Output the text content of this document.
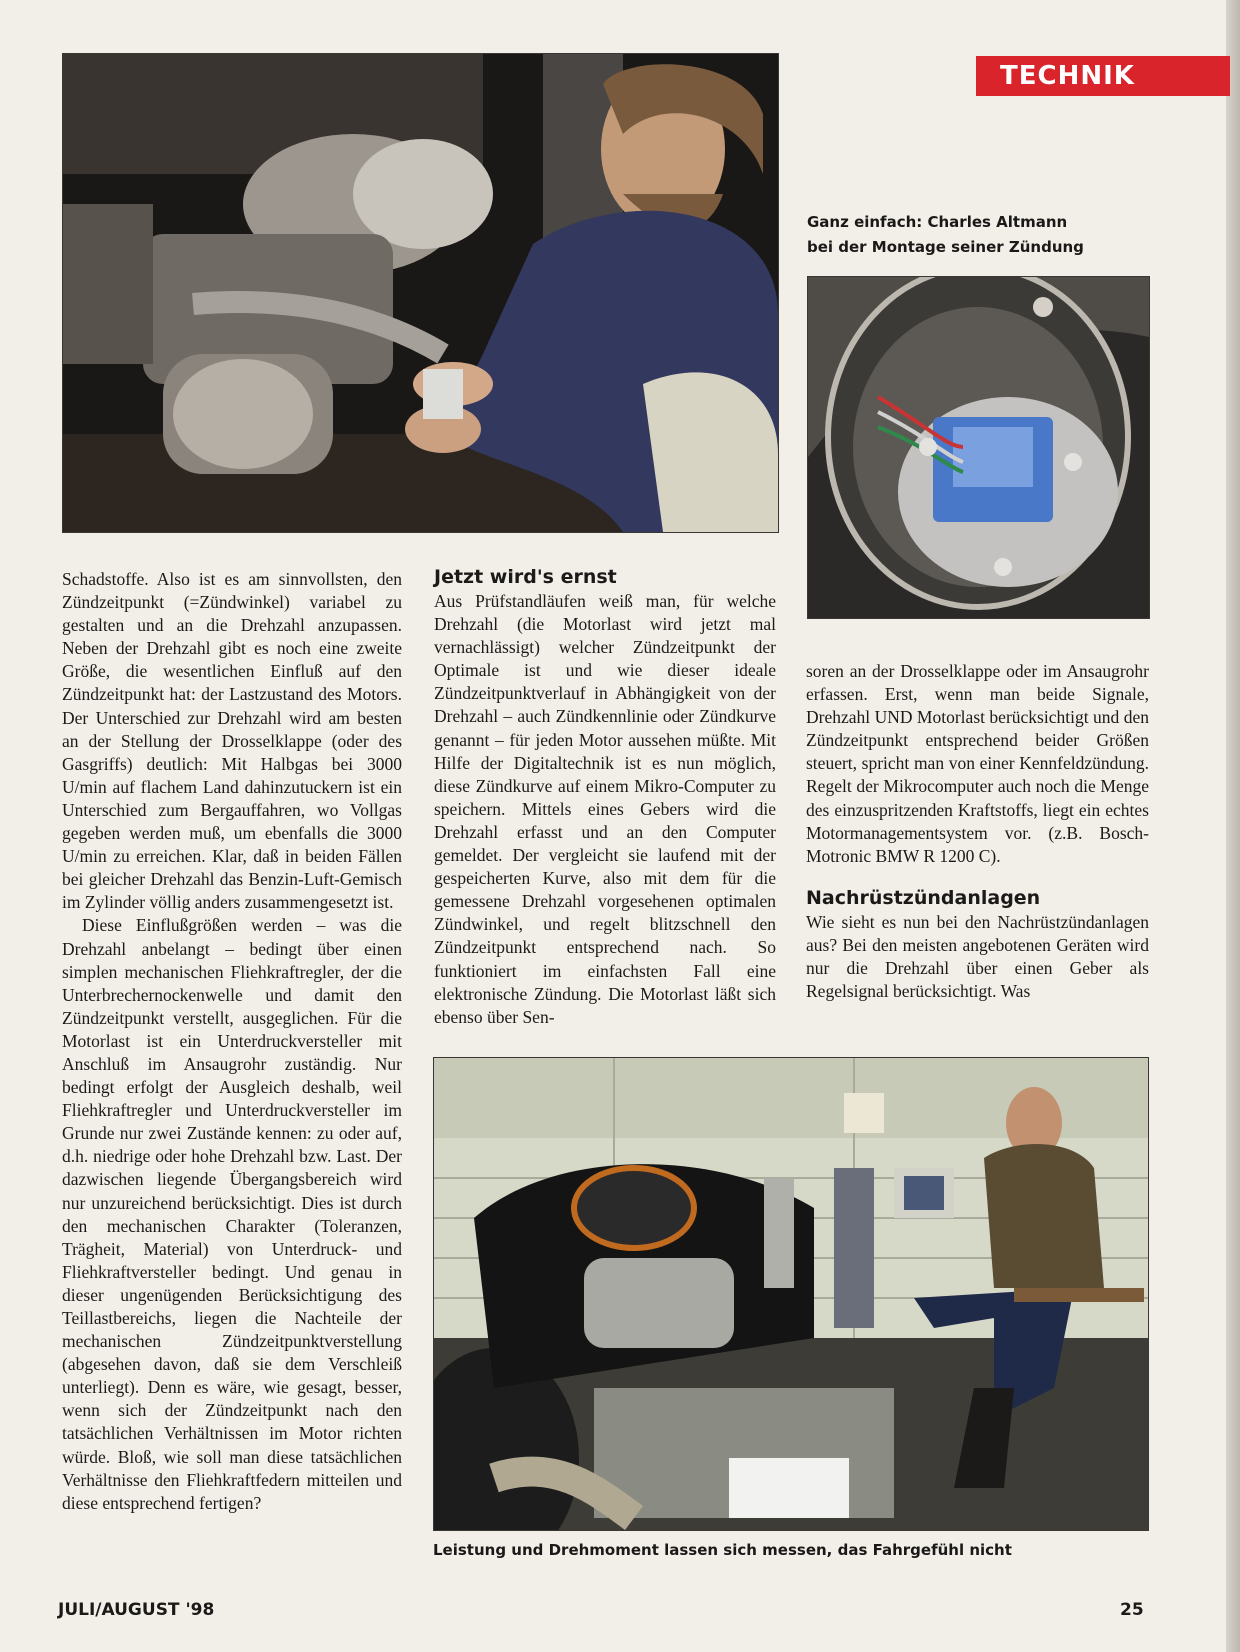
TECHNIK
Ganz einfach: Charles Altmann bei der Montage seiner Zündung

Schadstoffe. Also ist es am sinnvollsten, den Zündzeitpunkt (=Zündwinkel) variabel zu gestalten und an die Drehzahl anzupassen. Neben der Drehzahl gibt es noch eine zweite Größe, die wesentlichen Einfluß auf den Zündzeitpunkt hat: der Lastzustand des Motors. Der Unterschied zur Drehzahl wird am besten an der Stellung der Drosselklappe (oder des Gasgriffs) deutlich: Mit Halbgas bei 3000 U/min auf flachem Land dahinzutuckern ist ein Unterschied zum Bergauffahren, wo Vollgas gegeben werden muß, um ebenfalls die 3000 U/min zu erreichen. Klar, daß in beiden Fällen bei gleicher Drehzahl das Benzin-Luft-Gemisch im Zylinder völlig anders zusammengesetzt ist.

Diese Einflußgrößen werden – was die Drehzahl anbelangt – bedingt über einen simplen mechanischen Fliehkraftregler, der die Unterbrechernockenwelle und damit den Zündzeitpunkt verstellt, ausgeglichen. Für die Motorlast ist ein Unterdruckversteller mit Anschluß im Ansaugrohr zuständig. Nur bedingt erfolgt der Ausgleich deshalb, weil Fliehkraftregler und Unterdruckversteller im Grunde nur zwei Zustände kennen: zu oder auf, d.h. niedrige oder hohe Drehzahl bzw. Last. Der dazwischen liegende Übergangsbereich wird nur unzureichend berücksichtigt. Dies ist durch den mechanischen Charakter (Toleranzen, Trägheit, Material) von Unterdruck- und Fliehkraftversteller bedingt. Und genau in dieser ungenügenden Berücksichtigung des Teillastbereichs, liegen die Nachteile der mechanischen Zündzeitpunktverstellung (abgesehen davon, daß sie dem Verschleiß unterliegt). Denn es wäre, wie gesagt, besser, wenn sich der Zündzeitpunkt nach den tatsächlichen Verhältnissen im Motor richten würde. Bloß, wie soll man diese tatsächlichen Verhältnisse den Fliehkraftfedern mitteilen und diese entsprechend fertigen?

Jetzt wird's ernst

Aus Prüfstandläufen weiß man, für welche Drehzahl (die Motorlast wird jetzt mal vernachlässigt) welcher Zündzeitpunkt der Optimale ist und wie dieser ideale Zündzeitpunktverlauf in Abhängigkeit von der Drehzahl – auch Zündkennlinie oder Zündkurve genannt – für jeden Motor aussehen müßte. Mit Hilfe der Digitaltechnik ist es nun möglich, diese Zündkurve auf einem Mikro-Computer zu speichern. Mittels eines Gebers wird die Drehzahl erfasst und an den Computer gemeldet. Der vergleicht sie laufend mit der gespeicherten Kurve, also mit dem für die gemessene Drehzahl vorgesehenen optimalen Zündwinkel, und regelt blitzschnell den Zündzeitpunkt entsprechend nach. So funktioniert im einfachsten Fall eine elektronische Zündung. Die Motorlast läßt sich ebenso über Sen-

soren an der Drosselklappe oder im Ansaugrohr erfassen. Erst, wenn man beide Signale, Drehzahl UND Motorlast berücksichtigt und den Zündzeitpunkt entsprechend beider Größen steuert, spricht man von einer Kennfeldzündung. Regelt der Mikrocomputer auch noch die Menge des einzuspritzenden Kraftstoffs, liegt ein echtes Motormanagementsystem vor. (z.B. Bosch-Motronic BMW R 1200 C).

Nachrüstzündanlagen

Wie sieht es nun bei den Nachrüstzündanlagen aus? Bei den meisten angebotenen Geräten wird nur die Drehzahl über einen Geber als Regelsignal berücksichtigt. Was

Leistung und Drehmoment lassen sich messen, das Fahrgefühl nicht
JULI/AUGUST '98	25
